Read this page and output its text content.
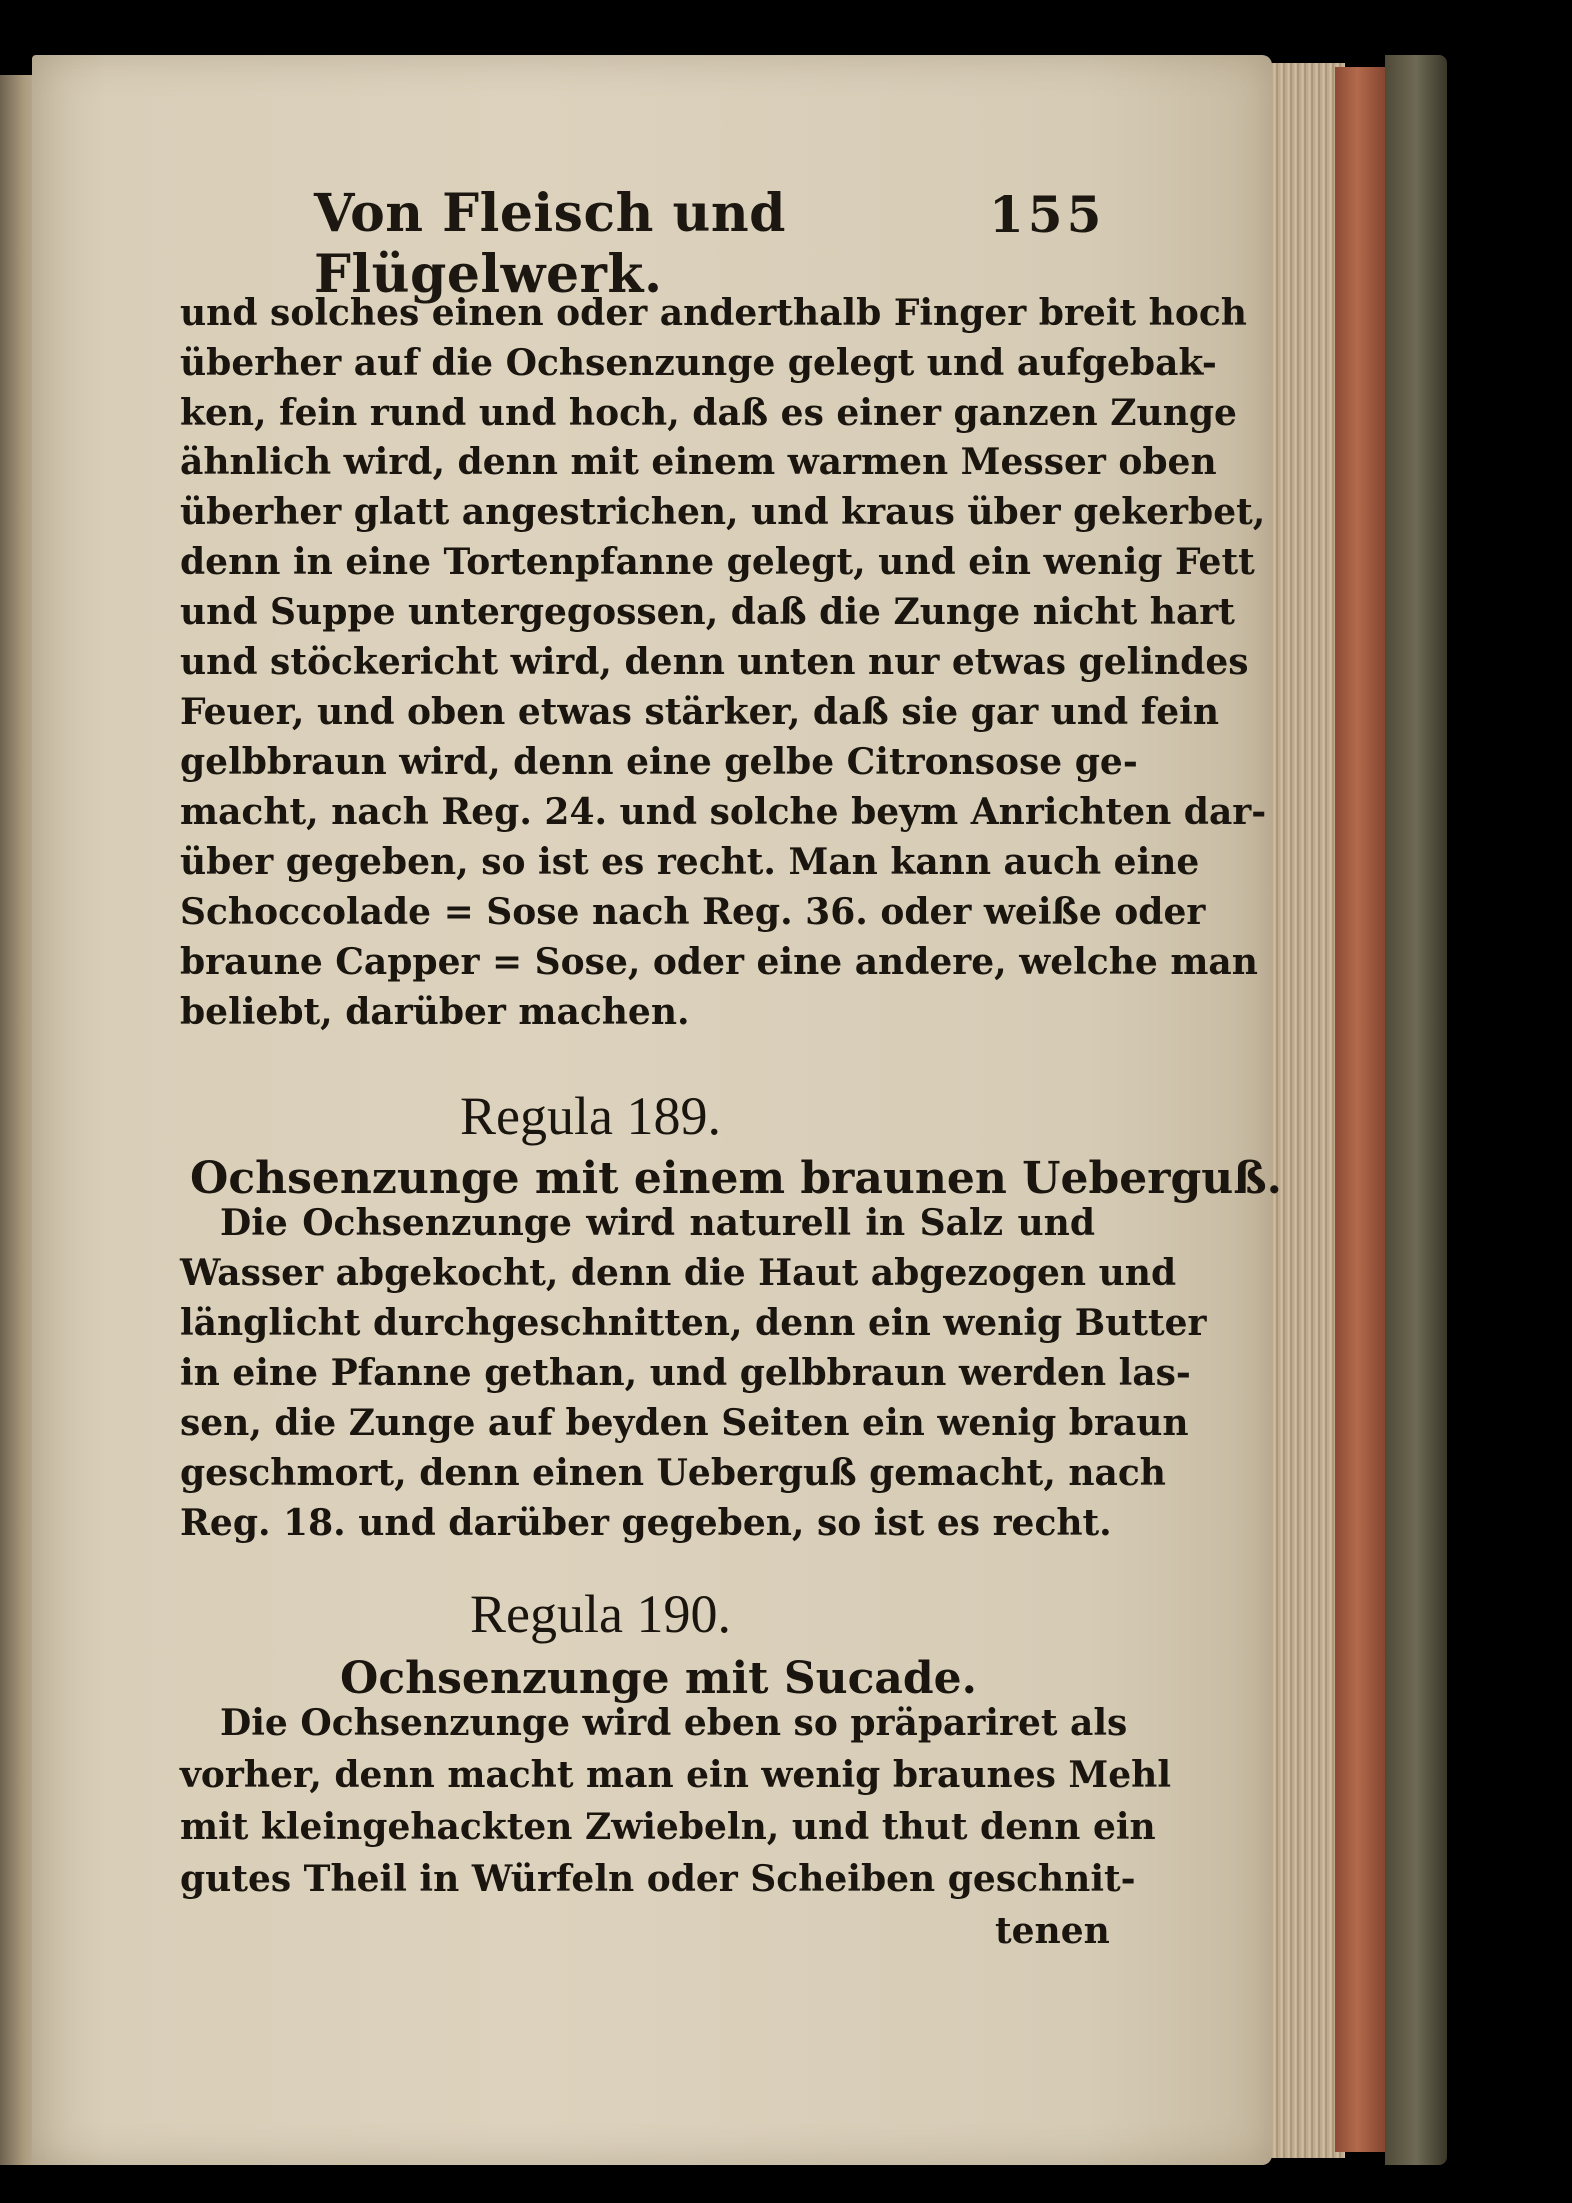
Von Fleisch und Flügelwerk.
155
und solches einen oder anderthalb Finger breit hoch
überher auf die Ochsenzunge gelegt und aufgebak-
ken, fein rund und hoch, daß es einer ganzen Zunge
ähnlich wird, denn mit einem warmen Messer oben
überher glatt angestrichen, und kraus über gekerbet,
denn in eine Tortenpfanne gelegt, und ein wenig Fett
und Suppe untergegossen, daß die Zunge nicht hart
und stöckericht wird, denn unten nur etwas gelindes
Feuer, und oben etwas stärker, daß sie gar und fein
gelbbraun wird, denn eine gelbe Citronsose ge-
macht, nach Reg. 24. und solche beym Anrichten dar-
über gegeben, so ist es recht. Man kann auch eine
Schoccolade = Sose nach Reg. 36. oder weiße oder
braune Capper = Sose, oder eine andere, welche man
beliebt, darüber machen.
Regula 189.
Ochsenzunge mit einem braunen Ueberguß.
Die Ochsenzunge wird naturell in Salz und
Wasser abgekocht, denn die Haut abgezogen und
länglicht durchgeschnitten, denn ein wenig Butter
in eine Pfanne gethan, und gelbbraun werden las-
sen, die Zunge auf beyden Seiten ein wenig braun
geschmort, denn einen Ueberguß gemacht, nach
Reg. 18. und darüber gegeben, so ist es recht.
Regula 190.
Ochsenzunge mit Sucade.
Die Ochsenzunge wird eben so präpariret als
vorher, denn macht man ein wenig braunes Mehl
mit kleingehackten Zwiebeln, und thut denn ein
gutes Theil in Würfeln oder Scheiben geschnit-
tenen
